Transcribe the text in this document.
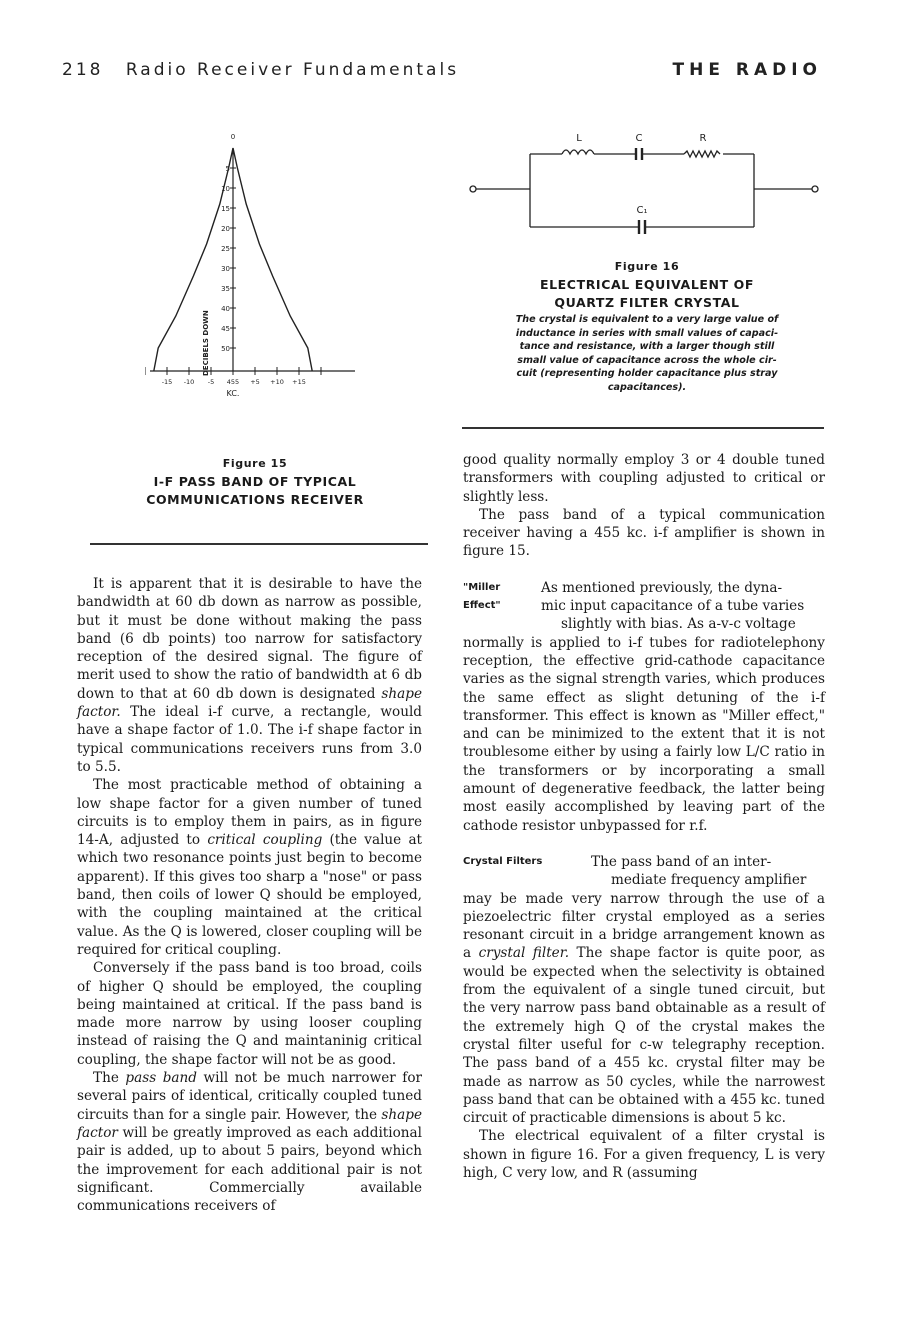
218 Radio Receiver Fundamentals	THE RADIO
DECIBELS DOWN
KC.
0
5
10
15
20
25
30
35
40
45
50
-15 -10 -5 455 +5 +10 +15
Figure 15
I-F PASS BAND OF TYPICAL
COMMUNICATIONS RECEIVER
L	C	R
C₁
Figure 16
ELECTRICAL EQUIVALENT OF
QUARTZ FILTER CRYSTAL
The crystal is equivalent to a very large value of
inductance in series with small values of capaci-
tance and resistance, with a larger though still
small value of capacitance across the whole cir-
cuit (representing holder capacitance plus stray
capacitances).

It is apparent that it is desirable to have the bandwidth at 60 db down as narrow as possible, but it must be done without making the pass band (6 db points) too narrow for satisfactory reception of the desired signal. The figure of merit used to show the ratio of bandwidth at 6 db down to that at 60 db down is designated shape factor. The ideal i-f curve, a rectangle, would have a shape factor of 1.0. The i-f shape factor in typical communications receivers runs from 3.0 to 5.5.

The most practicable method of obtaining a low shape factor for a given number of tuned circuits is to employ them in pairs, as in figure 14-A, adjusted to critical coupling (the value at which two resonance points just begin to become apparent). If this gives too sharp a "nose" or pass band, then coils of lower Q should be employed, with the coupling maintained at the critical value. As the Q is lowered, closer coupling will be required for critical coupling.

Conversely if the pass band is too broad, coils of higher Q should be employed, the coupling being maintained at critical. If the pass band is made more narrow by using looser coupling instead of raising the Q and maintaninig critical coupling, the shape factor will not be as good.

The pass band will not be much narrower for several pairs of identical, critically coupled tuned circuits than for a single pair. However, the shape factor will be greatly improved as each additional pair is added, up to about 5 pairs, beyond which the improvement for each additional pair is not significant. Commercially available communications receivers of

good quality normally employ 3 or 4 double tuned transformers with coupling adjusted to critical or slightly less.

The pass band of a typical communication receiver having a 455 kc. i-f amplifier is shown in figure 15.

"Miller
Effect"

As mentioned previously, the dyna-
mic input capacitance of a tube varies
slightly with bias. As a-v-c voltage

normally is applied to i-f tubes for radiotelephony reception, the effective grid-cathode capacitance varies as the signal strength varies, which produces the same effect as slight detuning of the i-f transformer. This effect is known as "Miller effect," and can be minimized to the extent that it is not troublesome either by using a fairly low L/C ratio in the transformers or by incorporating a small amount of degenerative feedback, the latter being most easily accomplished by leaving part of the cathode resistor unbypassed for r.f.

Crystal Filters	The pass band of an inter-
mediate frequency amplifier

may be made very narrow through the use of a piezoelectric filter crystal employed as a series resonant circuit in a bridge arrangement known as a crystal filter. The shape factor is quite poor, as would be expected when the selectivity is obtained from the equivalent of a single tuned circuit, but the very narrow pass band obtainable as a result of the extremely high Q of the crystal makes the crystal filter useful for c-w telegraphy reception. The pass band of a 455 kc. crystal filter may be made as narrow as 50 cycles, while the narrowest pass band that can be obtained with a 455 kc. tuned circuit of practicable dimensions is about 5 kc.

The electrical equivalent of a filter crystal is shown in figure 16. For a given frequency, L is very high, C very low, and R (assuming
